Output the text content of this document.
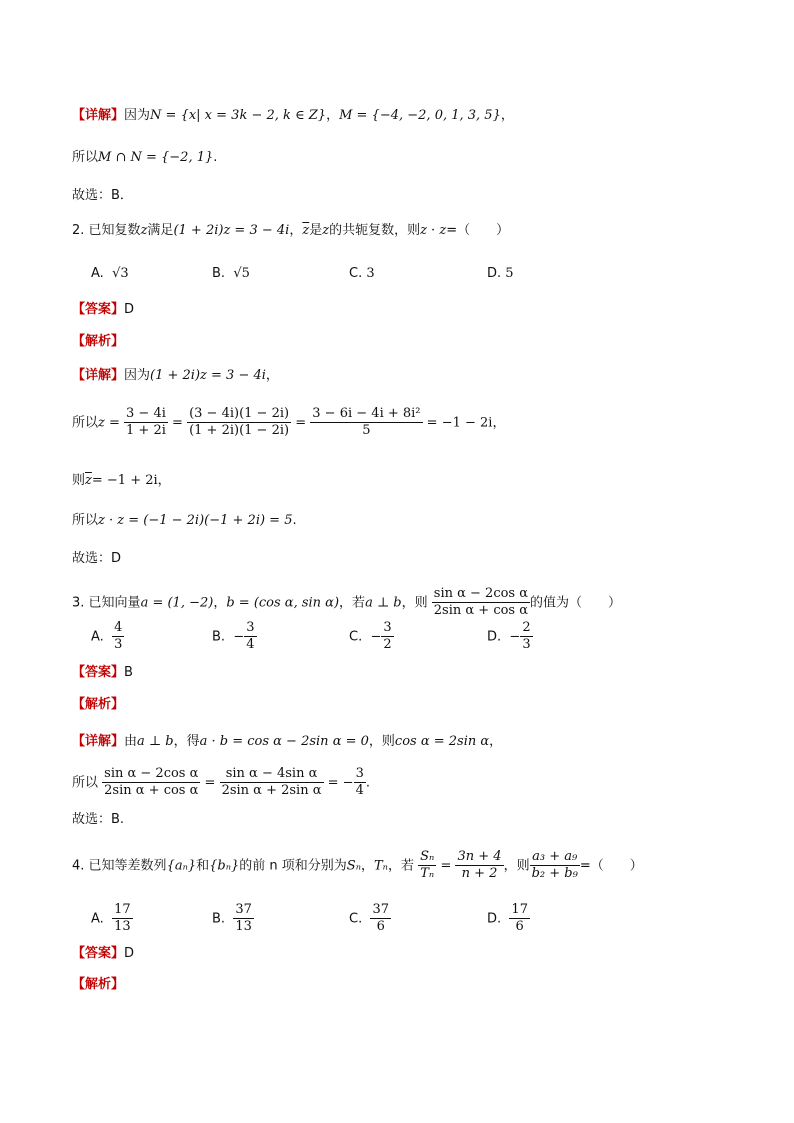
【详解】因为N = {x| x = 3k − 2, k ∈ Z}，M = {−4, −2, 0, 1, 3, 5}，
所以M ∩ N = {−2, 1}.
故选：B．
2. 已知复数z满足(1 + 2i)z = 3 − 4i，$\overline{z}$是z的共轭复数，则z · z=（　　）
A. √3	B. √5	C. 3	D. 5
【答案】D
【解析】
【详解】因为(1 + 2i)z = 3 − 4i，
所以$z = \frac{3 - 4i}{1 + 2i} = \frac{(3 - 4i)(1 - 2i)}{(1 + 2i)(1 - 2i)} = \frac{\text{3 − 6i − 4i + 8i²}}{5} = -1 - 2i$，
则$\overline{z}= -1 + 2i$，
所以z · z = (−1 − 2i)(−1 + 2i) = 5.
故选：D
3. 已知向量a = (1, −2)，b = (cos α, sin α)，若a ⊥ b，则 $\frac{\text{sin α − 2cos α}}{\text{2sin α + cos α}}$ 的值为（　　）
A. $\frac{4}{3}$	B. − $\frac{3}{4}$	C. − $\frac{3}{2}$	D. − $\frac{2}{3}$
【答案】B
【解析】
【详解】由a ⊥ b，得a · b = cos α − 2sin α = 0，则cos α = 2sin α，
所以 $\frac{\text{sin α − 2cos α}}{\text{2sin α + cos α}} = \frac{\text{sin α − 4sin α}}{\text{2sin α + 2sin α}}$ = − $\frac{3}{4}$ .
故选：B.
4. 已知等差数列{aₙ}和{bₙ}的前 n 项和分别为Sₙ，Tₙ，若 $\frac{\text{Sₙ}}{\text{Tₙ}} = \frac{3n + 4}{n + 2}$ ，则 $\frac{\text{a₃ + a₉}}{\text{b₂ + b₉}}$ =（　　）
A. $\frac{17}{13}$	B. $\frac{37}{13}$	C. $\frac{37}{6}$	D. $\frac{17}{6}$
【答案】D
【解析】
